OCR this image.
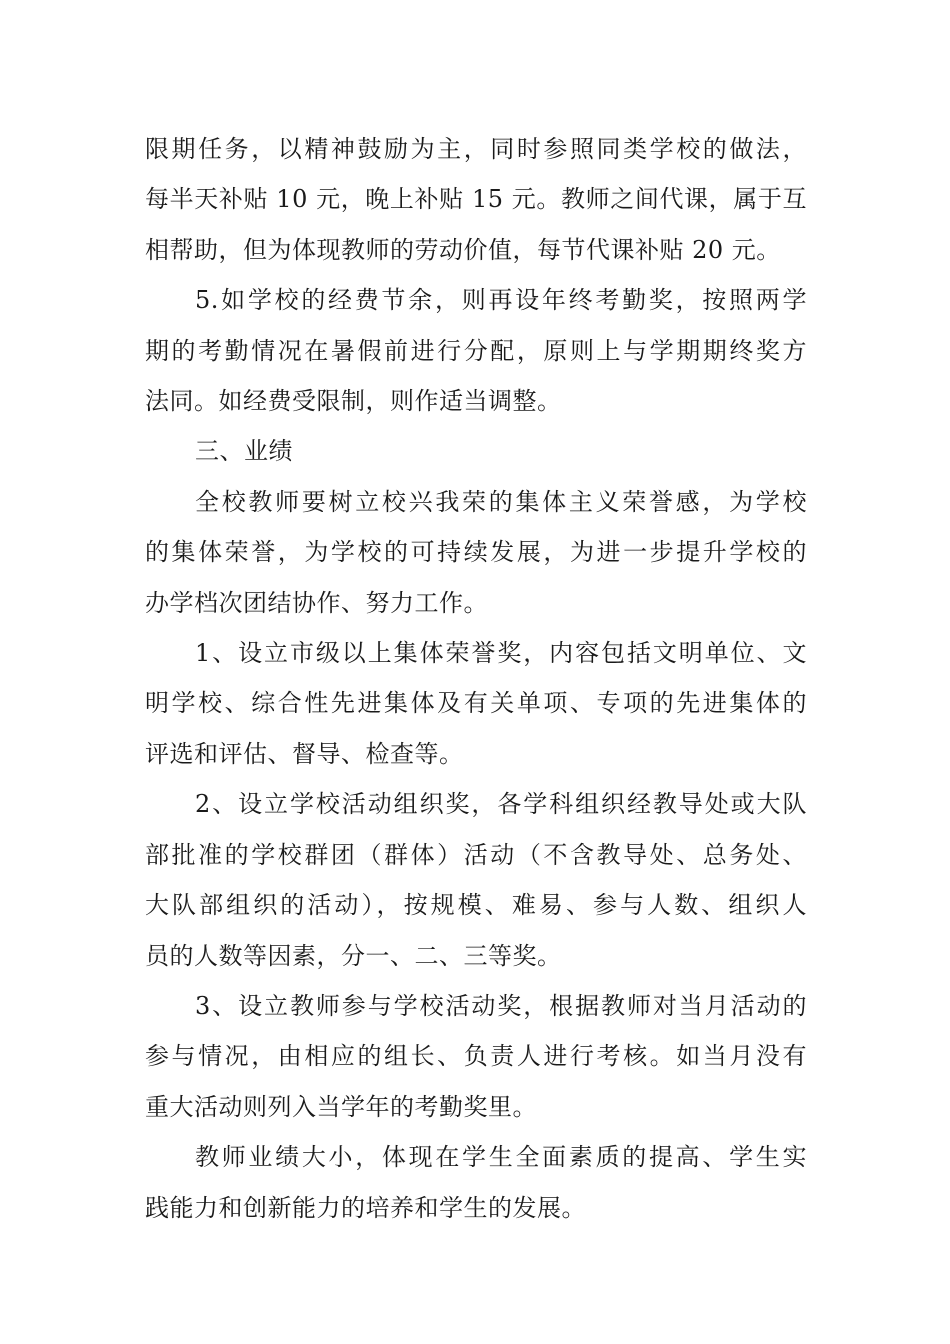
限期任务，以精神鼓励为主，同时参照同类学校的做法，
每半天补贴 10 元，晚上补贴 15 元。教师之间代课，属于互
相帮助，但为体现教师的劳动价值，每节代课补贴 20 元。

5.如学校的经费节余，则再设年终考勤奖，按照两学
期的考勤情况在暑假前进行分配，原则上与学期期终奖方
法同。如经费受限制，则作适当调整。

三、业绩

全校教师要树立校兴我荣的集体主义荣誉感，为学校
的集体荣誉，为学校的可持续发展，为进一步提升学校的
办学档次团结协作、努力工作。

1、设立市级以上集体荣誉奖，内容包括文明单位、文
明学校、综合性先进集体及有关单项、专项的先进集体的
评选和评估、督导、检查等。

2、设立学校活动组织奖，各学科组织经教导处或大队
部批准的学校群团（群体）活动（不含教导处、总务处、
大队部组织的活动），按规模、难易、参与人数、组织人
员的人数等因素，分一、二、三等奖。

3、设立教师参与学校活动奖，根据教师对当月活动的
参与情况，由相应的组长、负责人进行考核。如当月没有
重大活动则列入当学年的考勤奖里。

教师业绩大小，体现在学生全面素质的提高、学生实
践能力和创新能力的培养和学生的发展。
